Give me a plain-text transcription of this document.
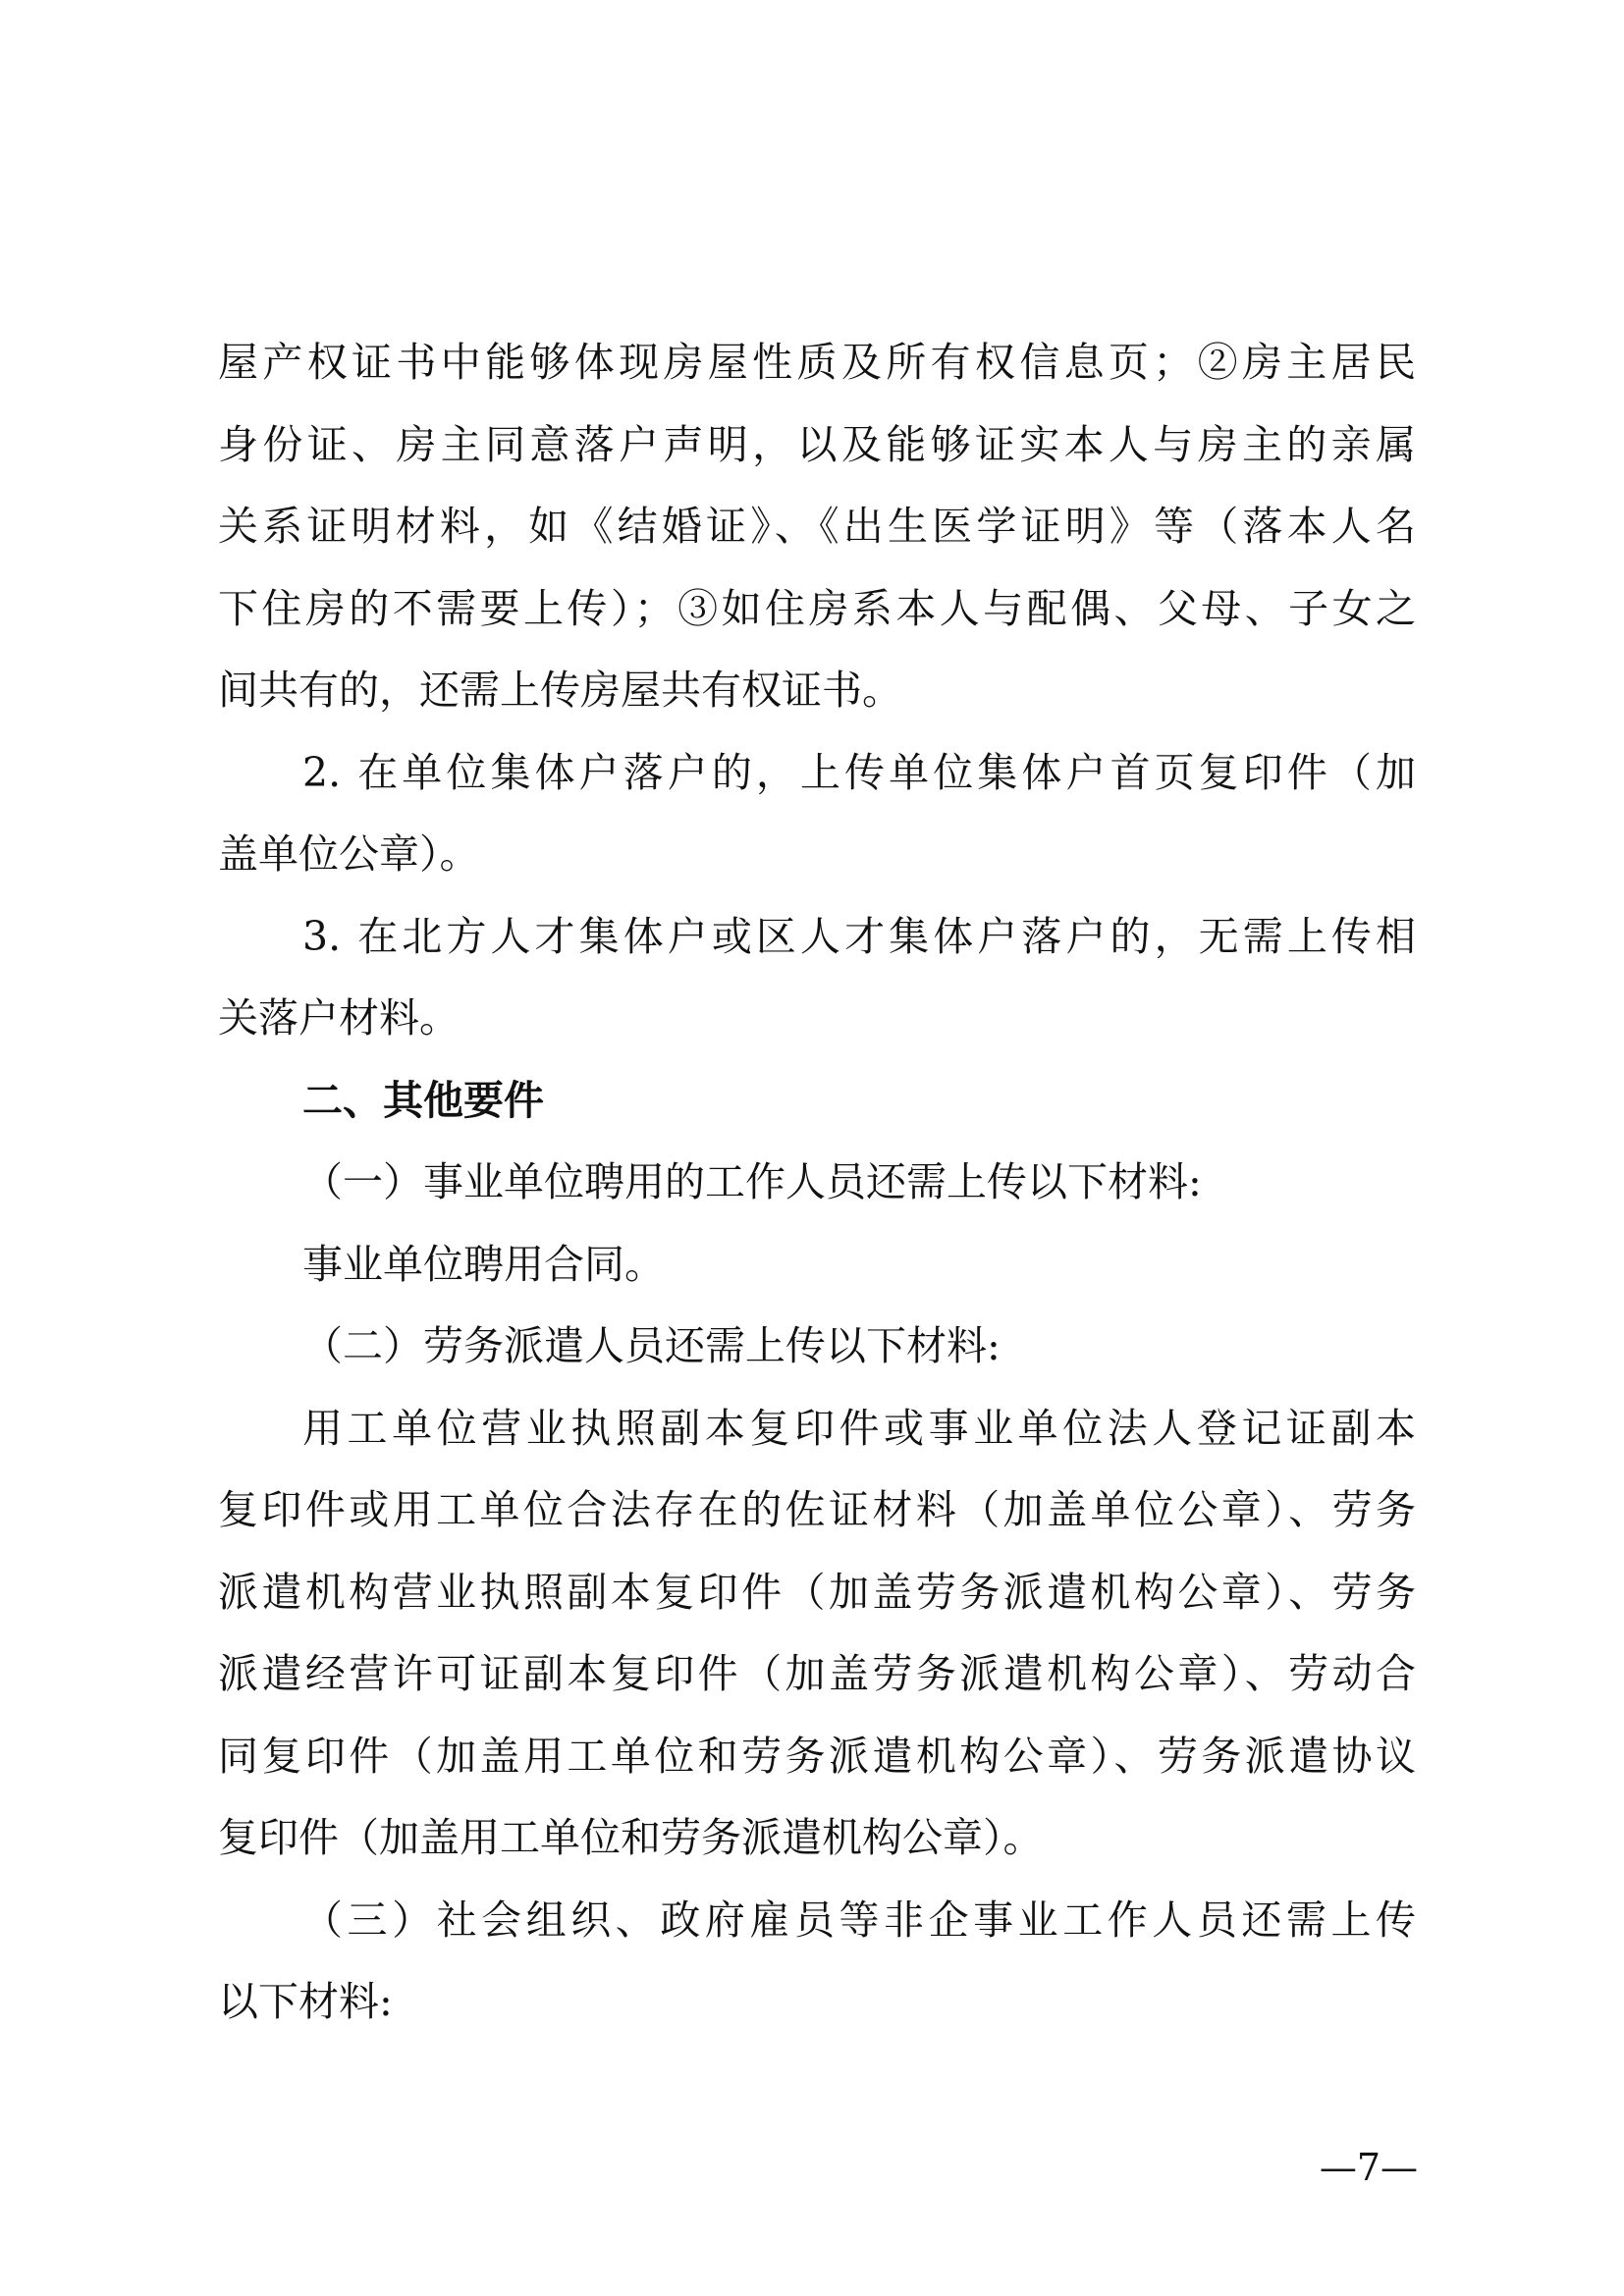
屋产权证书中能够体现房屋性质及所有权信息页；②房主居民
身份证、房主同意落户声明，以及能够证实本人与房主的亲属
关系证明材料，如《结婚证》、《出生医学证明》等（落本人名
下住房的不需要上传）；③如住房系本人与配偶、父母、子女之
间共有的，还需上传房屋共有权证书。
2. 在单位集体户落户的，上传单位集体户首页复印件（加
盖单位公章）。
3. 在北方人才集体户或区人才集体户落户的，无需上传相
关落户材料。
二、其他要件
（一）事业单位聘用的工作人员还需上传以下材料:
事业单位聘用合同。
（二）劳务派遣人员还需上传以下材料:
用工单位营业执照副本复印件或事业单位法人登记证副本
复印件或用工单位合法存在的佐证材料（加盖单位公章）、劳务
派遣机构营业执照副本复印件（加盖劳务派遣机构公章）、劳务
派遣经营许可证副本复印件（加盖劳务派遣机构公章）、劳动合
同复印件（加盖用工单位和劳务派遣机构公章）、劳务派遣协议
复印件（加盖用工单位和劳务派遣机构公章）。
（三）社会组织、政府雇员等非企事业工作人员还需上传
以下材料:
—7—
